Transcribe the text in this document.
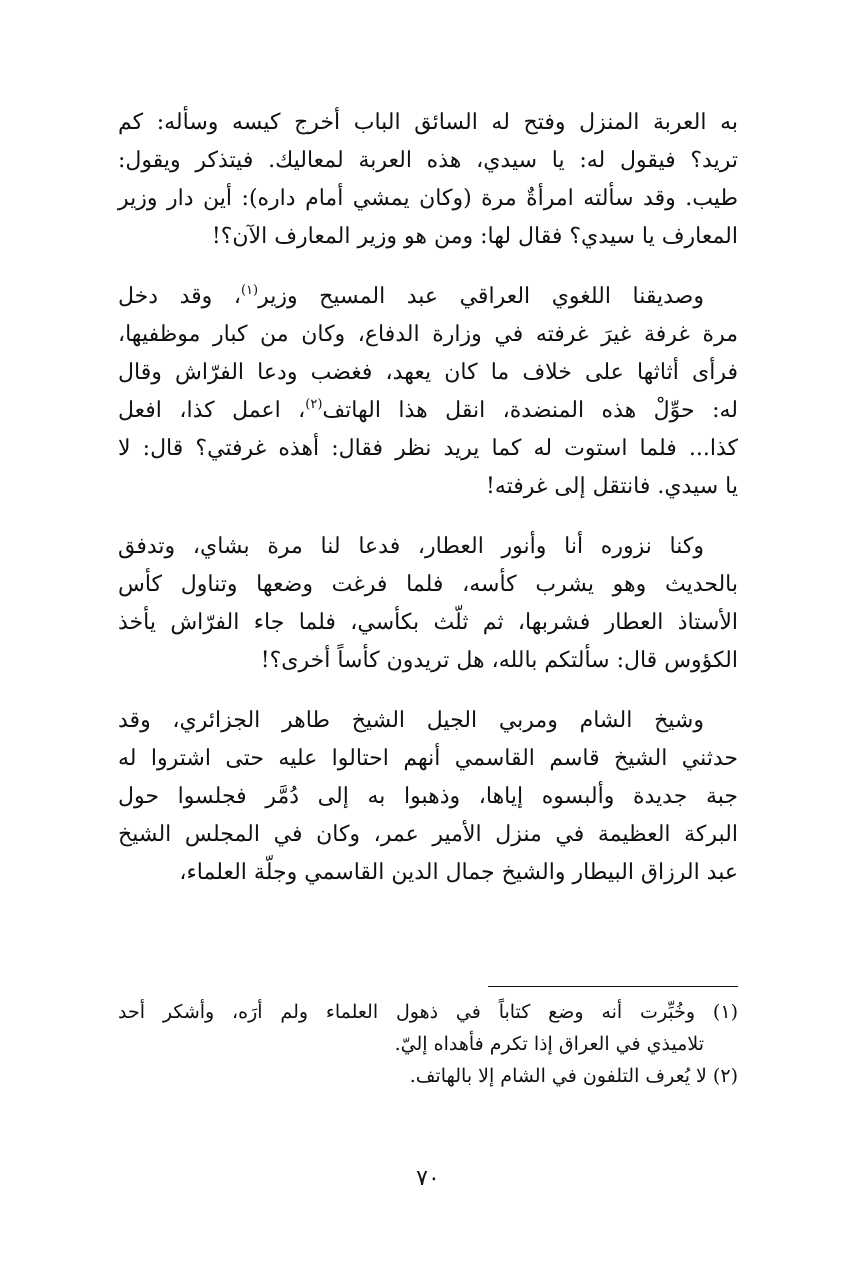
به العربة المنزل وفتح له السائق الباب أخرج كيسه وسأله: كم
تريد؟ فيقول له: يا سيدي، هذه العربة لمعاليك. فيتذكر ويقول:
طيب. وقد سألته امرأةٌ مرة (وكان يمشي أمام داره): أين دار وزير
المعارف يا سيدي؟ فقال لها: ومن هو وزير المعارف الآن؟!

وصديقنا اللغوي العراقي عبد المسيح وزير$^{(١)}$، وقد دخل
مرة غرفة غيرَ غرفته في وزارة الدفاع، وكان من كبار موظفيها،
فرأى أثاثها على خلاف ما كان يعهد، فغضب ودعا الفرّاش وقال
له: حوِّلْ هذه المنضدة، انقل هذا الهاتف$^{(٢)}$، اعمل كذا، افعل
كذا... فلما استوت له كما يريد نظر فقال: أهذه غرفتي؟ قال: لا
يا سيدي. فانتقل إلى غرفته!

وكنا نزوره أنا وأنور العطار، فدعا لنا مرة بشاي، وتدفق
بالحديث وهو يشرب كأسه، فلما فرغت وضعها وتناول كأس
الأستاذ العطار فشربها، ثم ثلّث بكأسي، فلما جاء الفرّاش يأخذ
الكؤوس قال: سألتكم بالله، هل تريدون كأساً أخرى؟!

وشيخ الشام ومربي الجيل الشيخ طاهر الجزائري، وقد
حدثني الشيخ قاسم القاسمي أنهم احتالوا عليه حتى اشتروا له
جبة جديدة وألبسوه إياها، وذهبوا به إلى دُمَّر فجلسوا حول
البركة العظيمة في منزل الأمير عمر، وكان في المجلس الشيخ
عبد الرزاق البيطار والشيخ جمال الدين القاسمي وجلّة العلماء،

(١) وخُبِّرت أنه وضع كتاباً في ذهول العلماء ولم أرَه، وأشكر أحد
تلاميذي في العراق إذا تكرم فأهداه إليّ.

(٢) لا يُعرف التلفون في الشام إلا بالهاتف.

٧٠
